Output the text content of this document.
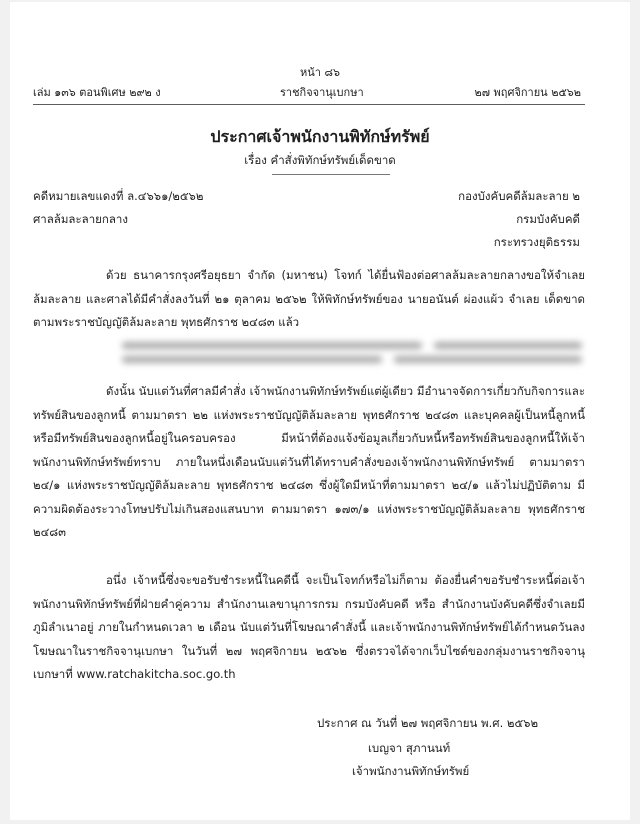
หน้า ๘๖
เล่ม ๑๓๖ ตอนพิเศษ ๒๙๒ ง	ราชกิจจานุเบกษา	๒๗ พฤศจิกายน ๒๕๖๒
ประกาศเจ้าพนักงานพิทักษ์ทรัพย์
เรื่อง คำสั่งพิทักษ์ทรัพย์เด็ดขาด
คดีหมายเลขแดงที่ ล.๔๖๖๑/๒๕๖๒
ศาลล้มละลายกลาง
กองบังคับคดีล้มละลาย ๒
กรมบังคับคดี
กระทรวงยุติธรรม
ด้วย ธนาคารกรุงศรีอยุธยา จำกัด (มหาชน) โจทก์ ได้ยื่นฟ้องต่อศาลล้มละลายกลางขอให้จำเลยล้มละลาย และศาลได้มีคำสั่งลงวันที่ ๒๑ ตุลาคม ๒๕๖๒ ให้พิทักษ์ทรัพย์ของ นายอนันต์ ผ่องแผ้ว จำเลย เด็ดขาด ตามพระราชบัญญัติล้มละลาย พุทธศักราช ๒๔๘๓ แล้ว
ดังนั้น นับแต่วันที่ศาลมีคำสั่ง เจ้าพนักงานพิทักษ์ทรัพย์แต่ผู้เดียว มีอำนาจจัดการเกี่ยวกับกิจการและทรัพย์สินของลูกหนี้ ตามมาตรา ๒๒ แห่งพระราชบัญญัติล้มละลาย พุทธศักราช ๒๔๘๓ และบุคคลผู้เป็นหนี้ลูกหนี้หรือมีทรัพย์สินของลูกหนี้อยู่ในครอบครอง มีหน้าที่ต้องแจ้งข้อมูลเกี่ยวกับหนี้หรือทรัพย์สินของลูกหนี้ให้เจ้าพนักงานพิทักษ์ทรัพย์ทราบ ภายในหนึ่งเดือนนับแต่วันที่ได้ทราบคำสั่งของเจ้าพนักงานพิทักษ์ทรัพย์ ตามมาตรา ๒๔/๑ แห่งพระราชบัญญัติล้มละลาย พุทธศักราช ๒๔๘๓ ซึ่งผู้ใดมีหน้าที่ตามมาตรา ๒๔/๑ แล้วไม่ปฏิบัติตาม มีความผิดต้องระวางโทษปรับไม่เกินสองแสนบาท ตามมาตรา ๑๗๓/๑ แห่งพระราชบัญญัติล้มละลาย พุทธศักราช ๒๔๘๓
อนึ่ง เจ้าหนี้ซึ่งจะขอรับชำระหนี้ในคดีนี้ จะเป็นโจทก์หรือไม่ก็ตาม ต้องยื่นคำขอรับชำระหนี้ต่อเจ้าพนักงานพิทักษ์ทรัพย์ที่ฝ่ายคำคู่ความ สำนักงานเลขานุการกรม กรมบังคับคดี หรือ สำนักงานบังคับคดีซึ่งจำเลยมีภูมิลำเนาอยู่ ภายในกำหนดเวลา ๒ เดือน นับแต่วันที่โฆษณาคำสั่งนี้ และเจ้าพนักงานพิทักษ์ทรัพย์ได้กำหนดวันลงโฆษณาในราชกิจจานุเบกษา ในวันที่ ๒๗ พฤศจิกายน ๒๕๖๒ ซึ่งตรวจได้จากเว็บไซต์ของกลุ่มงานราชกิจจานุเบกษาที่ www.ratchakitcha.soc.go.th
ประกาศ ณ วันที่ ๒๗ พฤศจิกายน พ.ศ. ๒๕๖๒
เบญจา สุภานนท์
เจ้าพนักงานพิทักษ์ทรัพย์
